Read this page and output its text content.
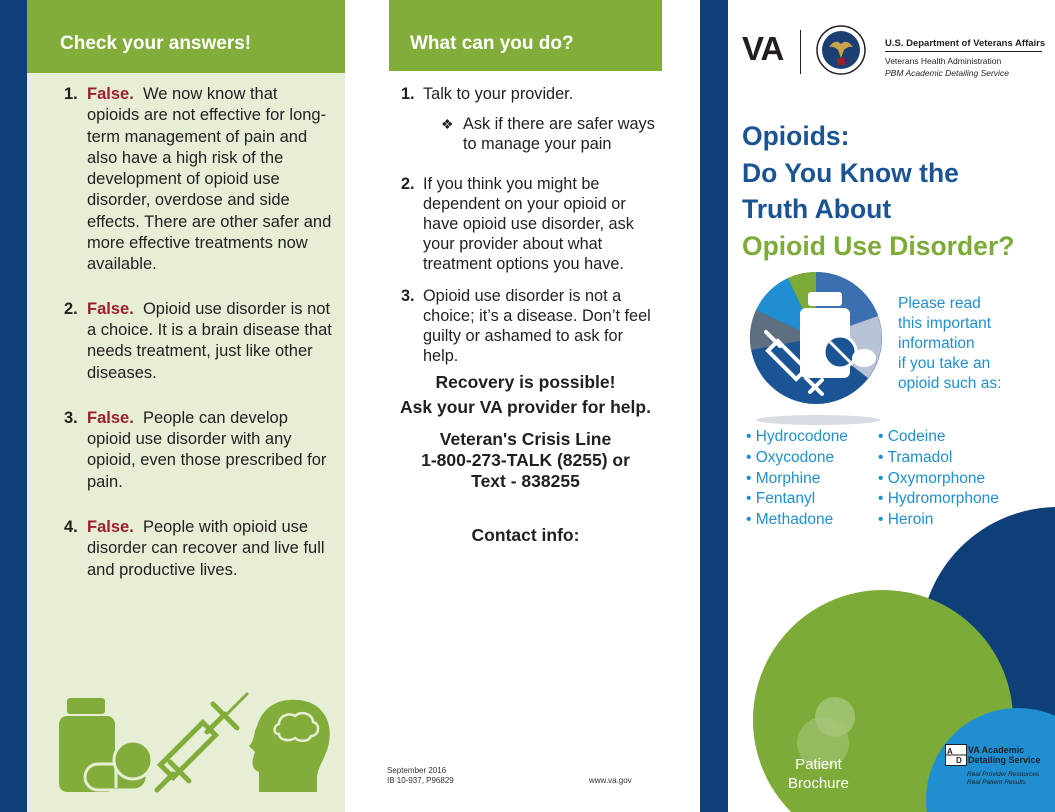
Check your answers!
1. False. We now know that opioids are not effective for long-term management of pain and also have a high risk of the development of opioid use disorder, overdose and side effects. There are other safer and more effective treatments now available.
2. False. Opioid use disorder is not a choice. It is a brain disease that needs treatment, just like other diseases.
3. False. People can develop opioid use disorder with any opioid, even those prescribed for pain.
4. False. People with opioid use disorder can recover and live full and productive lives.
What can you do?
1. Talk to your provider.
❖ Ask if there are safer ways to manage your pain
2. If you think you might be dependent on your opioid or have opioid use disorder, ask your provider about what treatment options you have.
3. Opioid use disorder is not a choice; it’s a disease. Don’t feel guilty or ashamed to ask for help.
Recovery is possible!
Ask your VA provider for help.
Veteran's Crisis Line
1-800-273-TALK (8255) or
Text - 838255
Contact info:
September 2016
IB 10-937, P96829	www.va.gov
VA	U.S. Department of Veterans Affairs
Veterans Health Administration
PBM Academic Detailing Service
Opioids:
Do You Know the
Truth About
Opioid Use Disorder?
Please read
this important
information
if you take an
opioid such as:
• Hydrocodone
• Oxycodone
• Morphine
• Fentanyl
• Methadone
• Codeine
• Tramadol
• Oxymorphone
• Hydromorphone
• Heroin
Patient
Brochure
A
D
VA Academic
Detailing Service
Real Provider Resources
Real Patient Results
